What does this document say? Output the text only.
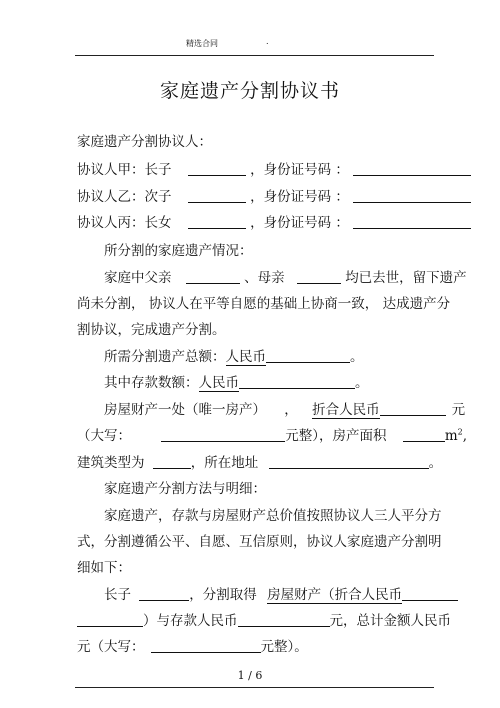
精选合同	.
家庭遗产分割协议书
家庭遗产分割协议人：
协议人甲：长子	，身份证号码 ：
协议人乙：次子	，身份证号码 ：
协议人丙：长女	，身份证号码 ：
所分割的家庭遗产情况：
家庭中父亲	、母亲	均已去世，留下遗产
尚未分割， 协议人在平等自愿的基础上协商一致， 达成遗产分
割协议，完成遗产分割。
所需分割遗产总额：人民币	。
其中存款数额：人民币	。
房屋财产一处（唯一房产） ， 折合人民币	元
（大写：	元整），房产面积	$m^2$,
建筑类型为	，所在地址	。
家庭遗产分割方法与明细：
家庭遗产，存款与房屋财产总价值按照协议人三人平分方
式，分割遵循公平、自愿、互信原则，协议人家庭遗产分割明
细如下：
长子	，分割取得 房屋财产（折合人民币
）与存款人民币	元，总计金额人民币
元（大写：	元整）。
1 / 6
